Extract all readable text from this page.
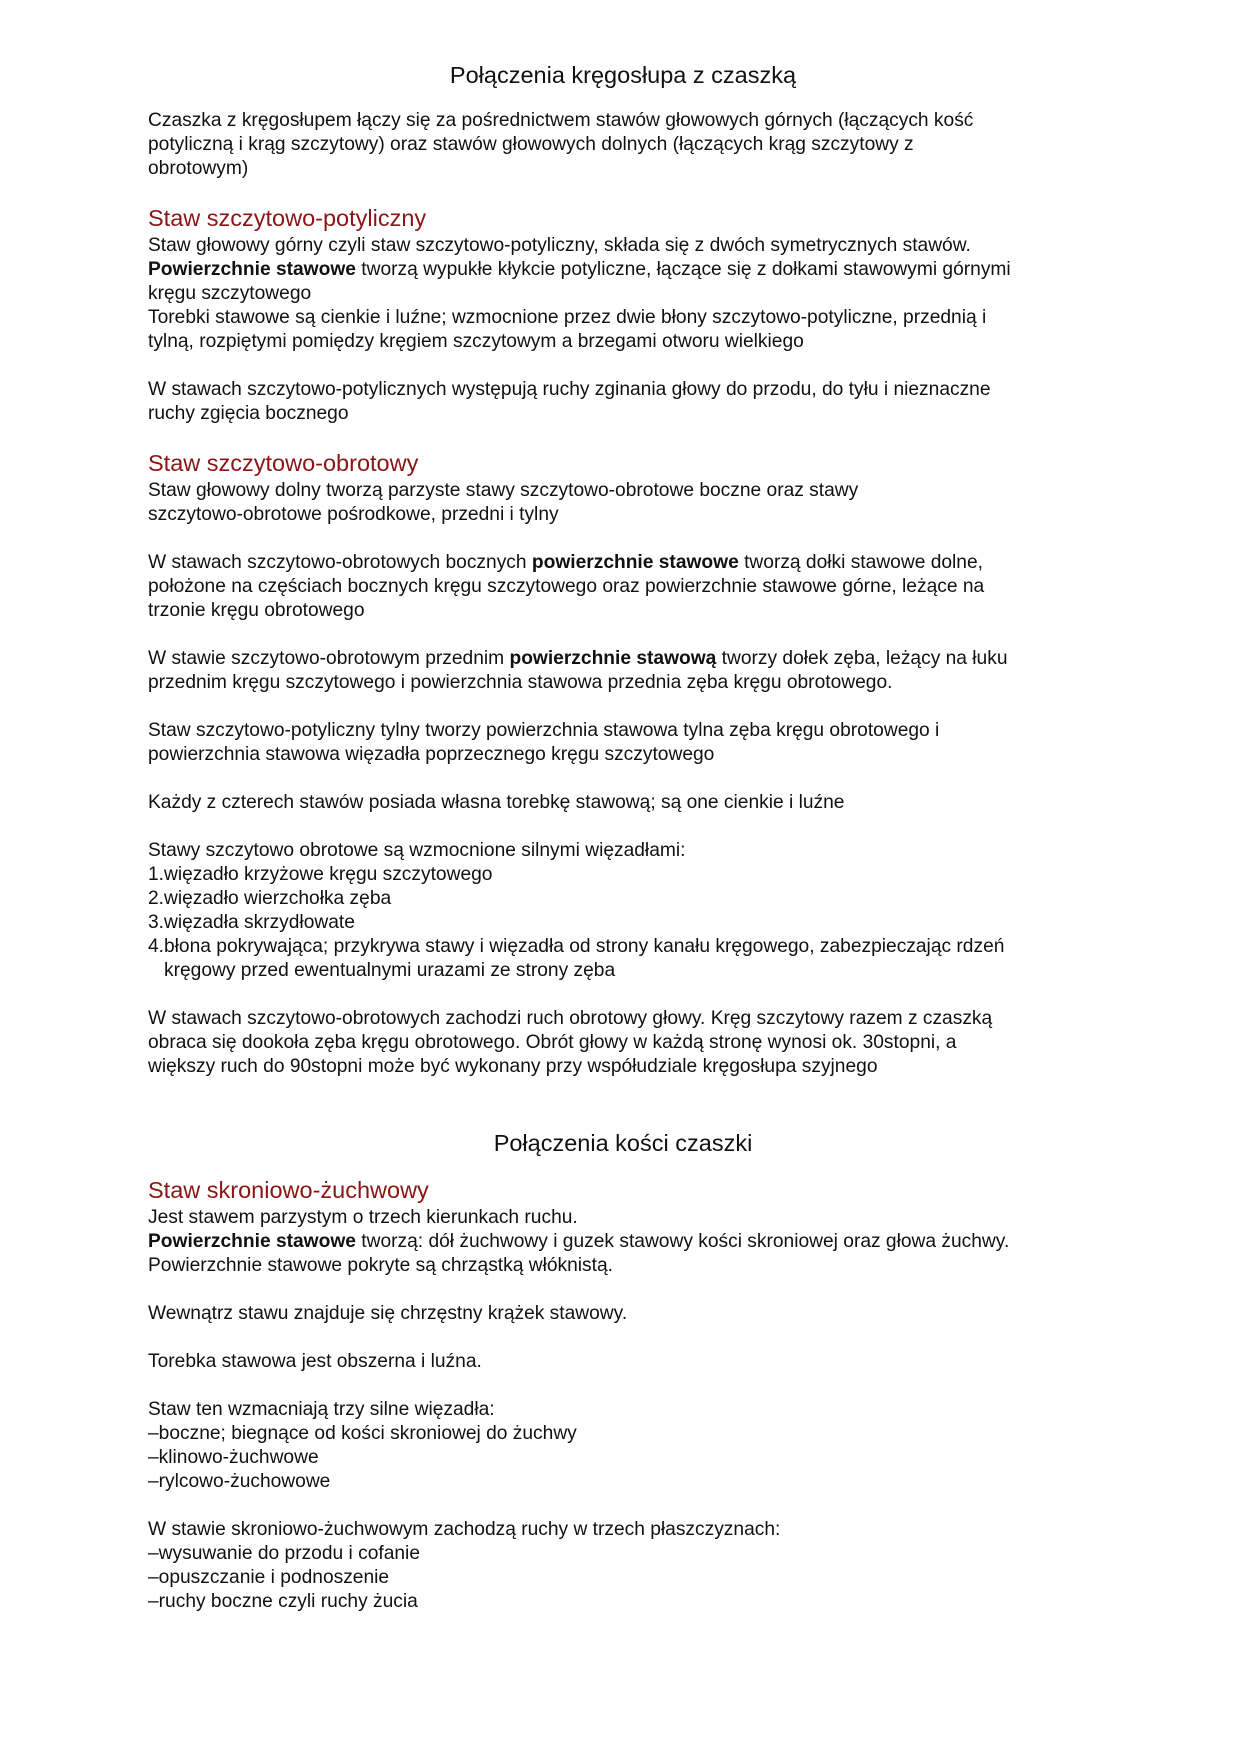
Połączenia kręgosłupa z czaszką
Czaszka z kręgosłupem łączy się za pośrednictwem stawów głowowych górnych (łączących kość
potyliczną i krąg szczytowy) oraz stawów głowowych dolnych (łączących krąg szczytowy z
obrotowym)
Staw szczytowo-potyliczny
Staw głowowy górny czyli staw szczytowo-potyliczny, składa się z dwóch symetrycznych stawów.
Powierzchnie stawowe tworzą wypukłe kłykcie potyliczne, łączące się z dołkami stawowymi górnymi
kręgu szczytowego
Torebki stawowe są cienkie i luźne; wzmocnione przez dwie błony szczytowo-potyliczne, przednią i
tylną, rozpiętymi pomiędzy kręgiem szczytowym a brzegami otworu wielkiego
W stawach szczytowo-potylicznych występują ruchy zginania głowy do przodu, do tyłu i nieznaczne
ruchy zgięcia bocznego
Staw szczytowo-obrotowy
Staw głowowy dolny tworzą parzyste stawy szczytowo-obrotowe boczne oraz stawy
szczytowo-obrotowe pośrodkowe, przedni i tylny
W stawach szczytowo-obrotowych bocznych powierzchnie stawowe tworzą dołki stawowe dolne,
położone na częściach bocznych kręgu szczytowego oraz powierzchnie stawowe górne, leżące na
trzonie kręgu obrotowego
W stawie szczytowo-obrotowym przednim powierzchnie stawową tworzy dołek zęba, leżący na łuku
przednim kręgu szczytowego i powierzchnia stawowa przednia zęba kręgu obrotowego.
Staw szczytowo-potyliczny tylny tworzy powierzchnia stawowa tylna zęba kręgu obrotowego i
powierzchnia stawowa więzadła poprzecznego kręgu szczytowego
Każdy z czterech stawów posiada własna torebkę stawową; są one cienkie i luźne
Stawy szczytowo obrotowe są wzmocnione silnymi więzadłami:
1.więzadło krzyżowe kręgu szczytowego
2.więzadło wierzchołka zęba
3.więzadła skrzydłowate
4.błona pokrywająca; przykrywa stawy i więzadła od strony kanału kręgowego, zabezpieczając rdzeń
kręgowy przed ewentualnymi urazami ze strony zęba
W stawach szczytowo-obrotowych zachodzi ruch obrotowy głowy. Kręg szczytowy razem z czaszką
obraca się dookoła zęba kręgu obrotowego. Obrót głowy w każdą stronę wynosi ok. 30stopni, a
większy ruch do 90stopni może być wykonany przy współudziale kręgosłupa szyjnego
Połączenia kości czaszki
Staw skroniowo-żuchwowy
Jest stawem parzystym o trzech kierunkach ruchu.
Powierzchnie stawowe tworzą: dół żuchwowy i guzek stawowy kości skroniowej oraz głowa żuchwy.
Powierzchnie stawowe pokryte są chrząstką włóknistą.
Wewnątrz stawu znajduje się chrzęstny krążek stawowy.
Torebka stawowa jest obszerna i luźna.
Staw ten wzmacniają trzy silne więzadła:
–boczne; biegnące od kości skroniowej do żuchwy
–klinowo-żuchwowe
–rylcowo-żuchowowe
W stawie skroniowo-żuchwowym zachodzą ruchy w trzech płaszczyznach:
–wysuwanie do przodu i cofanie
–opuszczanie i podnoszenie
–ruchy boczne czyli ruchy żucia
